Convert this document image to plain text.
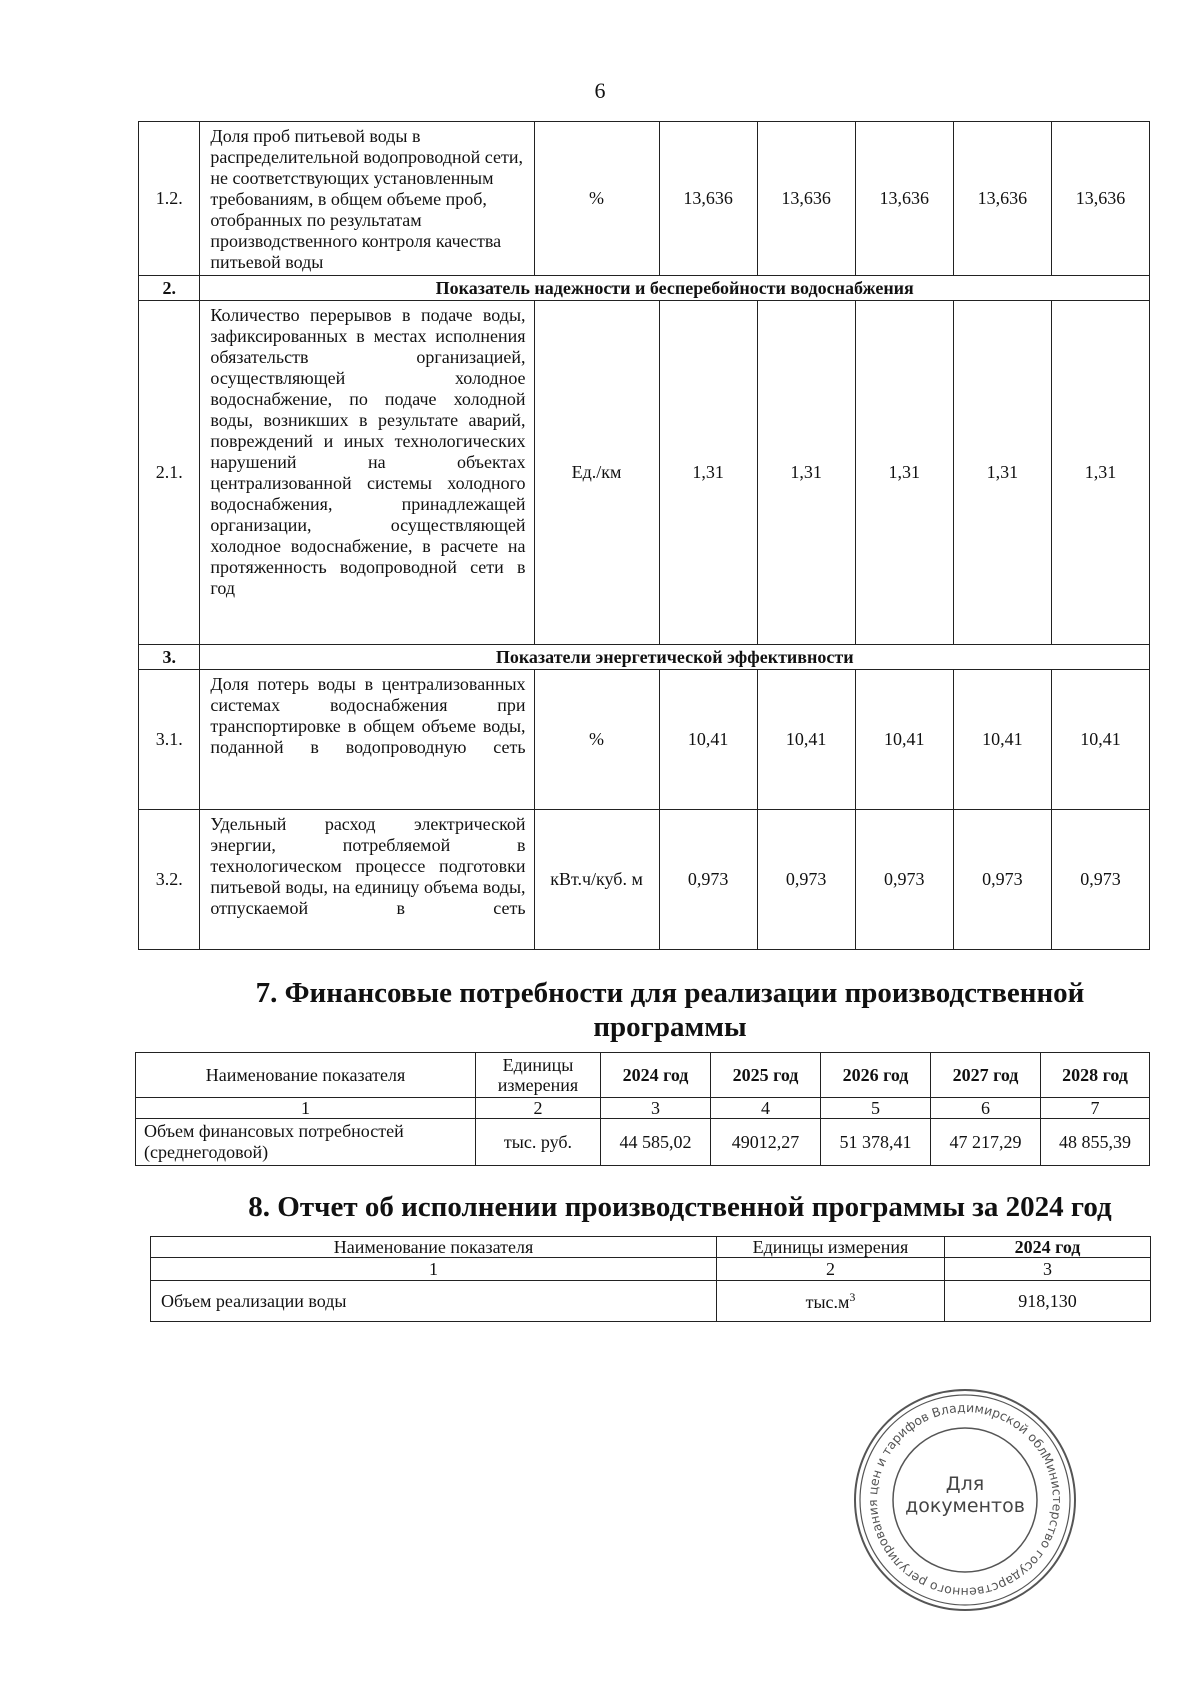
6
1.2.	Доля проб питьевой воды в распределительной водопроводной сети, не соответствующих установленным требованиям, в общем объеме проб, отобранных по результатам производственного контроля качества питьевой воды	%	13,636	13,636	13,636	13,636	13,636
2.	Показатель надежности и бесперебойности водоснабжения						
2.1.	Количество перерывов в подаче воды, зафиксированных в местах исполнения обязательств организацией, осуществляющей холодное водоснабжение, по подаче холодной воды, возникших в результате аварий, повреждений и иных технологических нарушений на объектах централизованной системы холодного водоснабжения, принадлежащей организации, осуществляющей холодное водоснабжение, в расчете на протяженность водопроводной сети в год	Ед./км	1,31	1,31	1,31	1,31	1,31
3.	Показатели энергетической эффективности						
3.1.	Доля потерь воды в централизованных системах водоснабжения при транспортировке в общем объеме воды, поданной в водопроводную сеть	%	10,41	10,41	10,41	10,41	10,41
3.2.	Удельный расход электрической энергии, потребляемой в технологическом процессе подготовки питьевой воды, на единицу объема воды, отпускаемой в сеть	кВт.ч/куб. м	0,973	0,973	0,973	0,973	0,973
7. Финансовые потребности для реализации производственной программы
Наименование показателя	Единицы измерения	2024 год	2025 год	2026 год	2027 год	2028 год
1	2	3	4	5	6	7
Объем финансовых потребностей (среднегодовой)	тыс. руб.	44 585,02	49012,27	51 378,41	47 217,29	48 855,39
8. Отчет об исполнении производственной программы за 2024 год
Наименование показателя	Единицы измерения	2024 год
1	2	3
Объем реализации воды	$тыс.м^3$	918,130
Министерство государственного регулирования цен и тарифов Владимирской области
Для
документов
